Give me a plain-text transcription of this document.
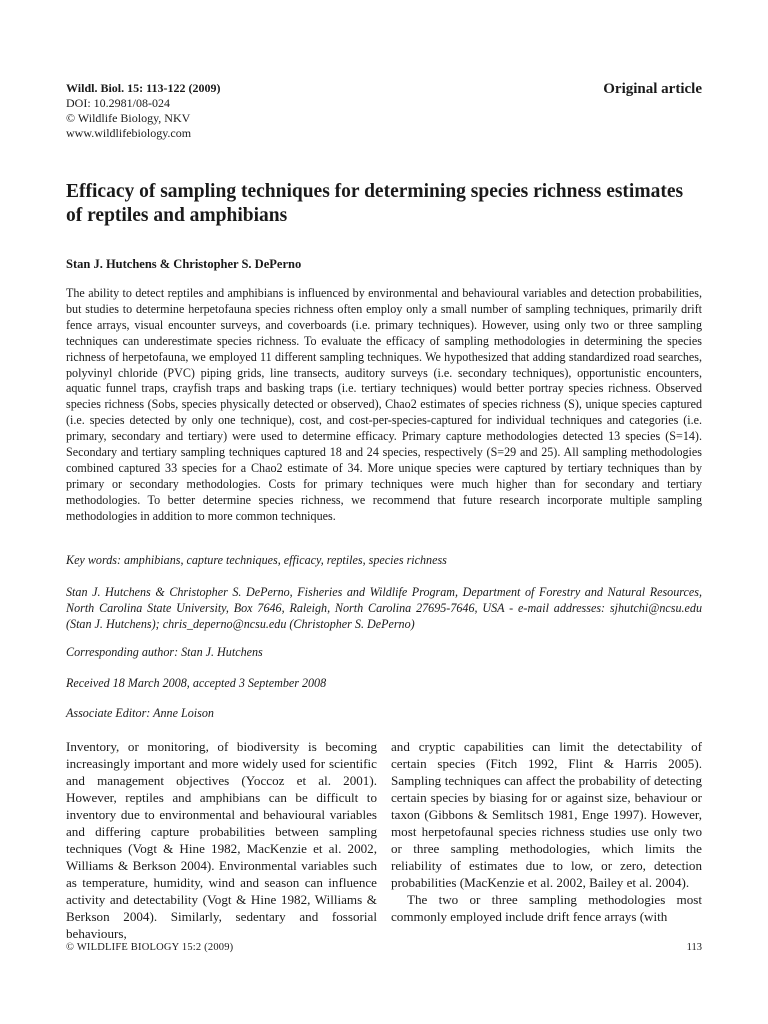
Wildl. Biol. 15: 113-122 (2009)
DOI: 10.2981/08-024
© Wildlife Biology, NKV
www.wildlifebiology.com
Original article
Efficacy of sampling techniques for determining species richness estimates of reptiles and amphibians
Stan J. Hutchens & Christopher S. DePerno

The ability to detect reptiles and amphibians is influenced by environmental and behavioural variables and detection probabilities, but studies to determine herpetofauna species richness often employ only a small number of sampling techniques, primarily drift fence arrays, visual encounter surveys, and coverboards (i.e. primary techniques). However, using only two or three sampling techniques can underestimate species richness. To evaluate the efficacy of sampling methodologies in determining the species richness of herpetofauna, we employed 11 different sampling techniques. We hypothesized that adding standardized road searches, polyvinyl chloride (PVC) piping grids, line transects, auditory surveys (i.e. secondary techniques), opportunistic encounters, aquatic funnel traps, crayfish traps and basking traps (i.e. tertiary techniques) would better portray species richness. Observed species richness (Sobs, species physically detected or observed), Chao2 estimates of species richness (S), unique species captured (i.e. species detected by only one technique), cost, and cost-per-species-captured for individual techniques and categories (i.e. primary, secondary and tertiary) were used to determine efficacy. Primary capture methodologies detected 13 species (S=14). Secondary and tertiary sampling techniques captured 18 and 24 species, respectively (S=29 and 25). All sampling methodologies combined captured 33 species for a Chao2 estimate of 34. More unique species were captured by tertiary techniques than by primary or secondary methodologies. Costs for primary techniques were much higher than for secondary and tertiary methodologies. To better determine species richness, we recommend that future research incorporate multiple sampling methodologies in addition to more common techniques.

Key words: amphibians, capture techniques, efficacy, reptiles, species richness

Stan J. Hutchens & Christopher S. DePerno, Fisheries and Wildlife Program, Department of Forestry and Natural Resources, North Carolina State University, Box 7646, Raleigh, North Carolina 27695-7646, USA - e-mail addresses: sjhutchi@ncsu.edu (Stan J. Hutchens); chris_deperno@ncsu.edu (Christopher S. DePerno)

Corresponding author: Stan J. Hutchens

Received 18 March 2008, accepted 3 September 2008

Associate Editor: Anne Loison

Inventory, or monitoring, of biodiversity is becoming increasingly important and more widely used for scientific and management objectives (Yoccoz et al. 2001). However, reptiles and amphibians can be difficult to inventory due to environmental and behavioural variables and differing capture probabilities between sampling techniques (Vogt & Hine 1982, MacKenzie et al. 2002, Williams & Berkson 2004). Environmental variables such as temperature, humidity, wind and season can influence activity and detectability (Vogt & Hine 1982, Williams & Berkson 2004). Similarly, sedentary and fossorial behaviours,

and cryptic capabilities can limit the detectability of certain species (Fitch 1992, Flint & Harris 2005). Sampling techniques can affect the probability of detecting certain species by biasing for or against size, behaviour or taxon (Gibbons & Semlitsch 1981, Enge 1997). However, most herpetofaunal species richness studies use only two or three sampling methodologies, which limits the reliability of estimates due to low, or zero, detection probabilities (MacKenzie et al. 2002, Bailey et al. 2004).

The two or three sampling methodologies most commonly employed include drift fence arrays (with

© WILDLIFE BIOLOGY 15:2 (2009)	113
